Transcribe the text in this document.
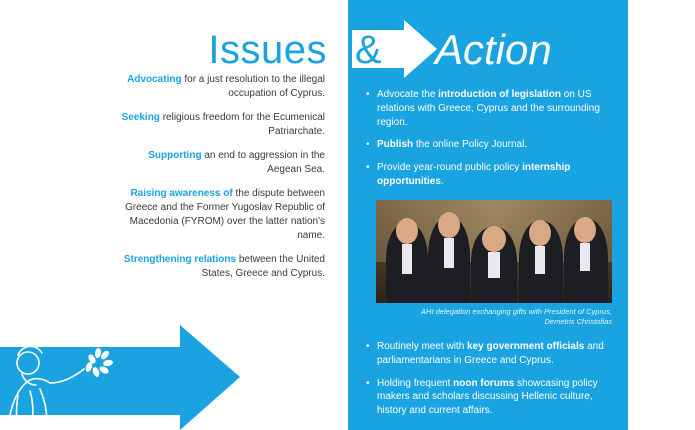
Issues & Action

Advocating for a just resolution to the illegal occupation of Cyprus.

Seeking religious freedom for the Ecumenical Patriarchate.

Supporting an end to aggression in the Aegean Sea.

Raising awareness of the dispute between Greece and the Former Yugoslav Republic of Macedonia (FYROM) over the latter nation's name.

Strengthening relations between the United States, Greece and Cyprus.

• Advocate the introduction of legislation on US relations with Greece, Cyprus and the surrounding region.
• Publish the online Policy Journal.
• Provide year-round public policy internship opportunities.
AHI delegation exchanging gifts with President of Cyprus,
Demetris Christofias
• Routinely meet with key government officials and parliamentarians in Greece and Cyprus.
• Holding frequent noon forums showcasing policy makers and scholars discussing Hellenic culture, history and current affairs.
